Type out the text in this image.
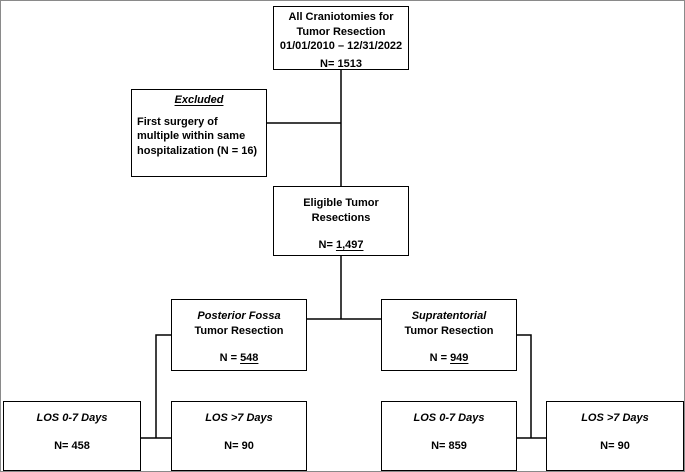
All Craniotomies for
Tumor Resection
01/01/2010 – 12/31/2022
N= 1513
Excluded
First surgery of multiple within same hospitalization (N = 16)
Eligible Tumor Resections
N= 1,497
Posterior Fossa
Tumor Resection
N = 548
Supratentorial
Tumor Resection
N = 949
LOS 0-7 Days
N= 458
LOS >7 Days
N= 90
LOS 0-7 Days
N= 859
LOS >7 Days
N= 90
